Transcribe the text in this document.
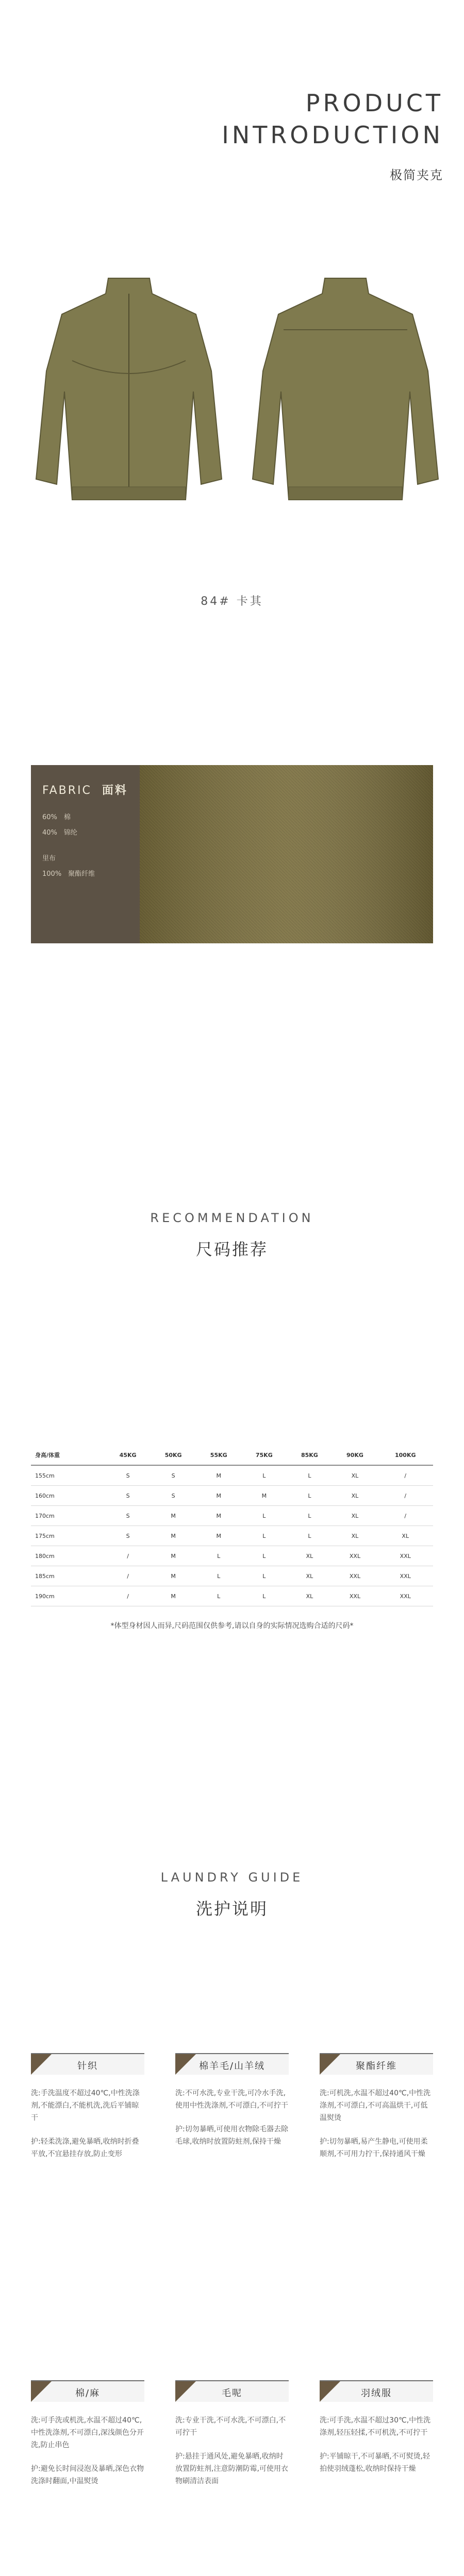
PRODUCT
INTRODUCTION
极简夹克
84# 卡其
FABRIC 面料
60%　棉
40%　锦纶
里布
100%　聚酯纤维
RECOMMENDATION
尺码推荐
身高/体重	45KG	50KG	55KG	75KG	85KG	90KG	100KG
155cm	S	S	M	L	L	XL	/
160cm	S	S	M	M	L	XL	/
170cm	S	M	M	L	L	XL	/
175cm	S	M	M	L	L	XL	XL
180cm	/	M	L	L	XL	XXL	XXL
185cm	/	M	L	L	XL	XXL	XXL
190cm	/	M	L	L	XL	XXL	XXL
*体型身材因人而异,尺码范围仅供参考,请以自身的实际情况选购合适的尺码*
LAUNDRY GUIDE
洗护说明
针织

洗:手洗温度不超过40℃,中性洗涤剂,不能漂白,不能机洗,洗后平铺晾干

护:轻柔洗涤,避免暴晒,收纳时折叠平放,不宜悬挂存放,防止变形

棉羊毛/山羊绒

洗:不可水洗,专业干洗,可冷水手洗,使用中性洗涤剂,不可漂白,不可拧干

护:切勿暴晒,可使用衣物除毛器去除毛球,收纳时放置防蛀剂,保持干燥

聚酯纤维

洗:可机洗,水温不超过40℃,中性洗涤剂,不可漂白,不可高温烘干,可低温熨烫

护:切勿暴晒,易产生静电,可使用柔顺剂,不可用力拧干,保持通风干燥

棉/麻

洗:可手洗或机洗,水温不超过40℃,中性洗涤剂,不可漂白,深浅颜色分开洗,防止串色

护:避免长时间浸泡及暴晒,深色衣物洗涤时翻面,中温熨烫

毛呢

洗:专业干洗,不可水洗,不可漂白,不可拧干

护:悬挂于通风处,避免暴晒,收纳时放置防蛀剂,注意防潮防霉,可使用衣物刷清洁表面

羽绒服

洗:可手洗,水温不超过30℃,中性洗涤剂,轻压轻揉,不可机洗,不可拧干

护:平铺晾干,不可暴晒,不可熨烫,轻拍使羽绒蓬松,收纳时保持干燥
